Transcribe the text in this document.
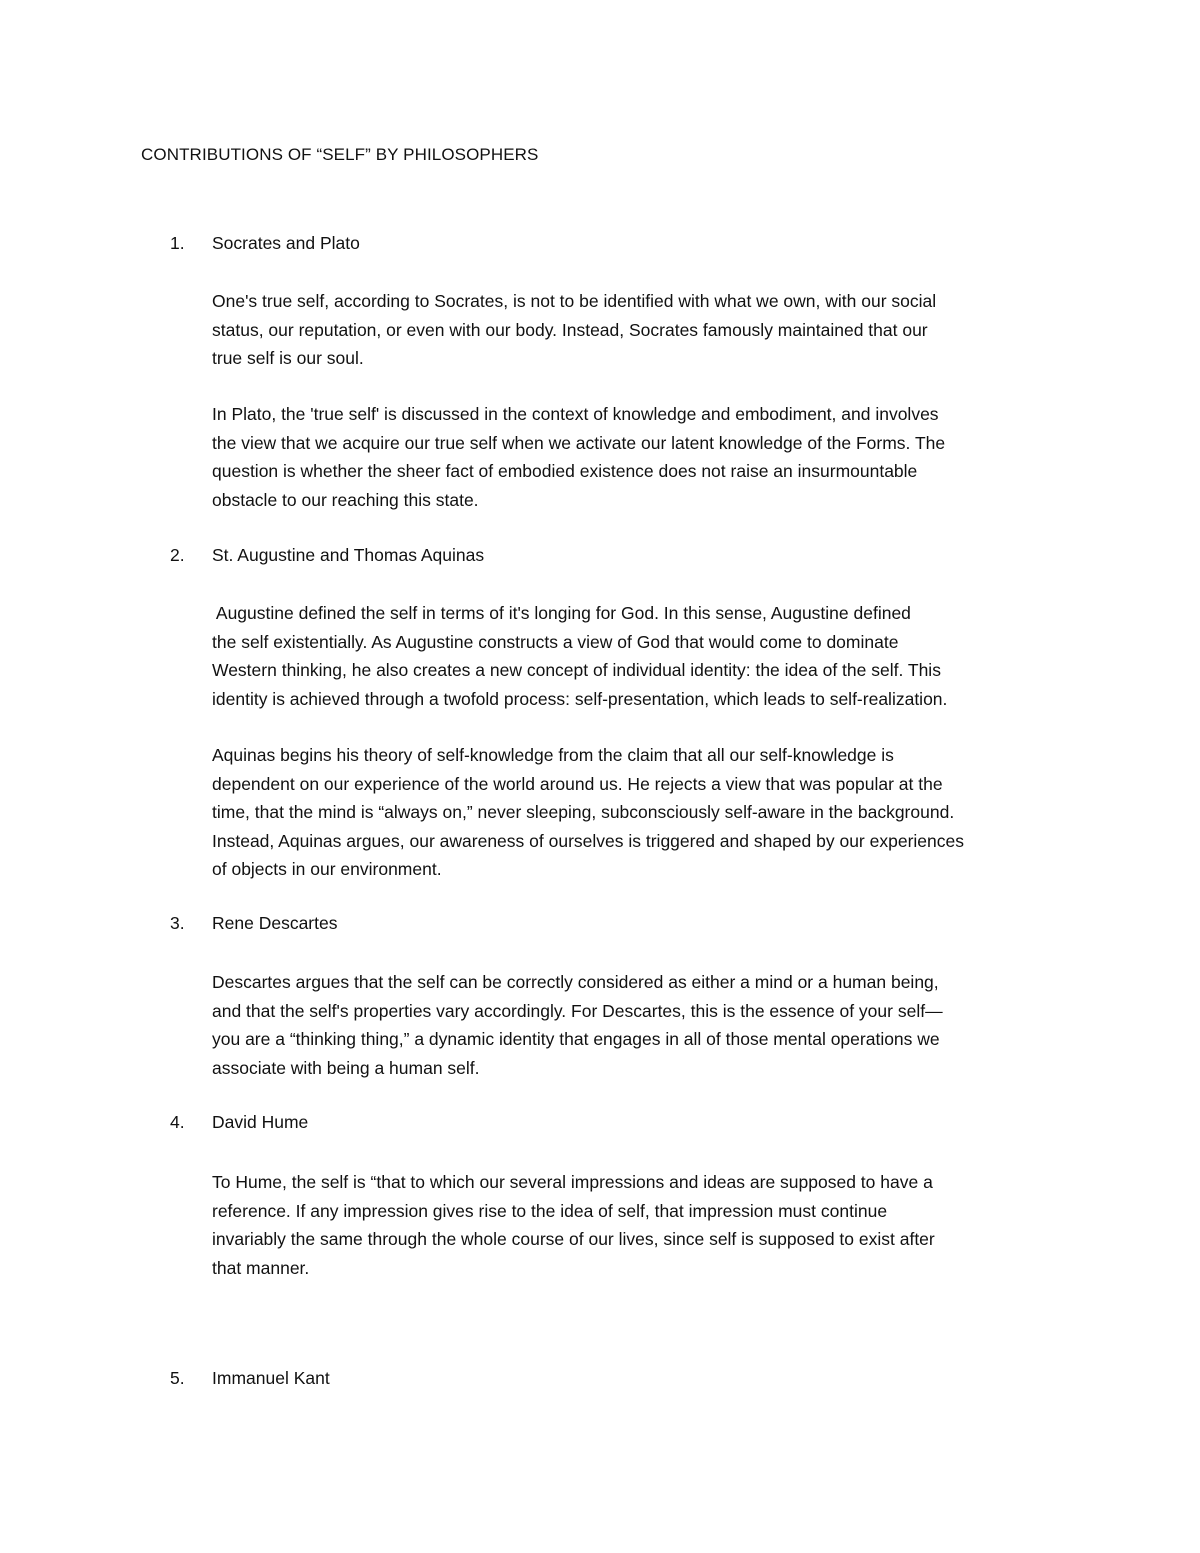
CONTRIBUTIONS OF “SELF” BY PHILOSOPHERS
1. Socrates and Plato
One's true self, according to Socrates, is not to be identified with what we own, with our social
status, our reputation, or even with our body. Instead, Socrates famously maintained that our
true self is our soul.
In Plato, the 'true self' is discussed in the context of knowledge and embodiment, and involves
the view that we acquire our true self when we activate our latent knowledge of the Forms. The
question is whether the sheer fact of embodied existence does not raise an insurmountable
obstacle to our reaching this state.
2. St. Augustine and Thomas Aquinas
Augustine defined the self in terms of it's longing for God. In this sense, Augustine defined
the self existentially. As Augustine constructs a view of God that would come to dominate
Western thinking, he also creates a new concept of individual identity: the idea of the self. This
identity is achieved through a twofold process: self-presentation, which leads to self-realization.
Aquinas begins his theory of self-knowledge from the claim that all our self-knowledge is
dependent on our experience of the world around us. He rejects a view that was popular at the
time, that the mind is “always on,” never sleeping, subconsciously self-aware in the background.
Instead, Aquinas argues, our awareness of ourselves is triggered and shaped by our experiences
of objects in our environment.
3. Rene Descartes
Descartes argues that the self can be correctly considered as either a mind or a human being,
and that the self's properties vary accordingly. For Descartes, this is the essence of your self—
you are a “thinking thing,” a dynamic identity that engages in all of those mental operations we
associate with being a human self.
4. David Hume
To Hume, the self is “that to which our several impressions and ideas are supposed to have a
reference. If any impression gives rise to the idea of self, that impression must continue
invariably the same through the whole course of our lives, since self is supposed to exist after
that manner.
5. Immanuel Kant
